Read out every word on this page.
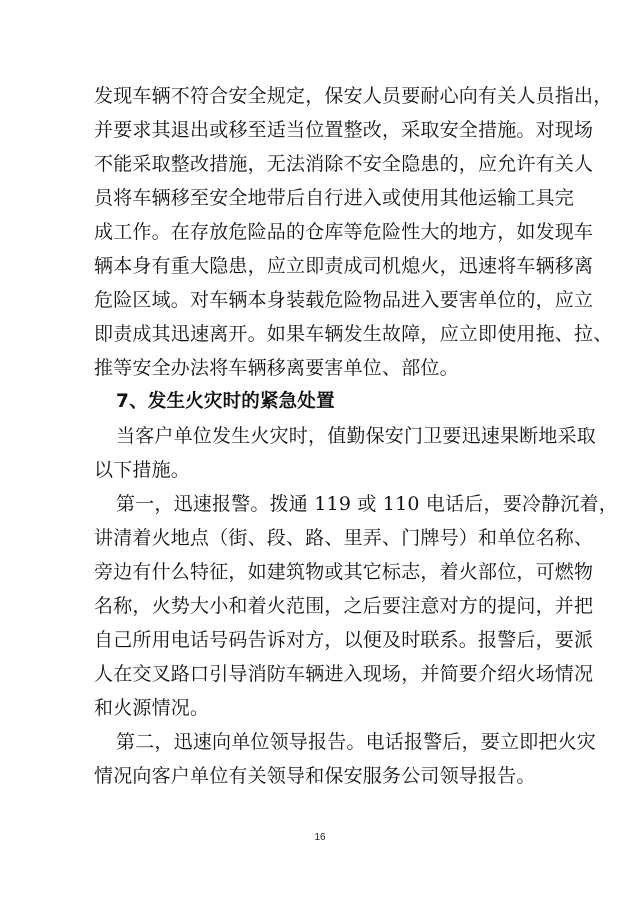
发现车辆不符合安全规定，保安人员要耐心向有关人员指出，
并要求其退出或移至适当位置整改，采取安全措施。对现场
不能采取整改措施，无法消除不安全隐患的，应允许有关人
员将车辆移至安全地带后自行进入或使用其他运输工具完
成工作。在存放危险品的仓库等危险性大的地方，如发现车
辆本身有重大隐患，应立即责成司机熄火，迅速将车辆移离
危险区域。对车辆本身装载危险物品进入要害单位的，应立
即责成其迅速离开。如果车辆发生故障，应立即使用拖、拉、
推等安全办法将车辆移离要害单位、部位。
7、发生火灾时的紧急处置
当客户单位发生火灾时，值勤保安门卫要迅速果断地采取
以下措施。
第一，迅速报警。拨通 119 或 110 电话后，要冷静沉着，
讲清着火地点（街、段、路、里弄、门牌号）和单位名称、
旁边有什么特征，如建筑物或其它标志，着火部位，可燃物
名称，火势大小和着火范围，之后要注意对方的提问，并把
自己所用电话号码告诉对方，以便及时联系。报警后，要派
人在交叉路口引导消防车辆进入现场，并简要介绍火场情况
和火源情况。
第二，迅速向单位领导报告。电话报警后，要立即把火灾
情况向客户单位有关领导和保安服务公司领导报告。
16
